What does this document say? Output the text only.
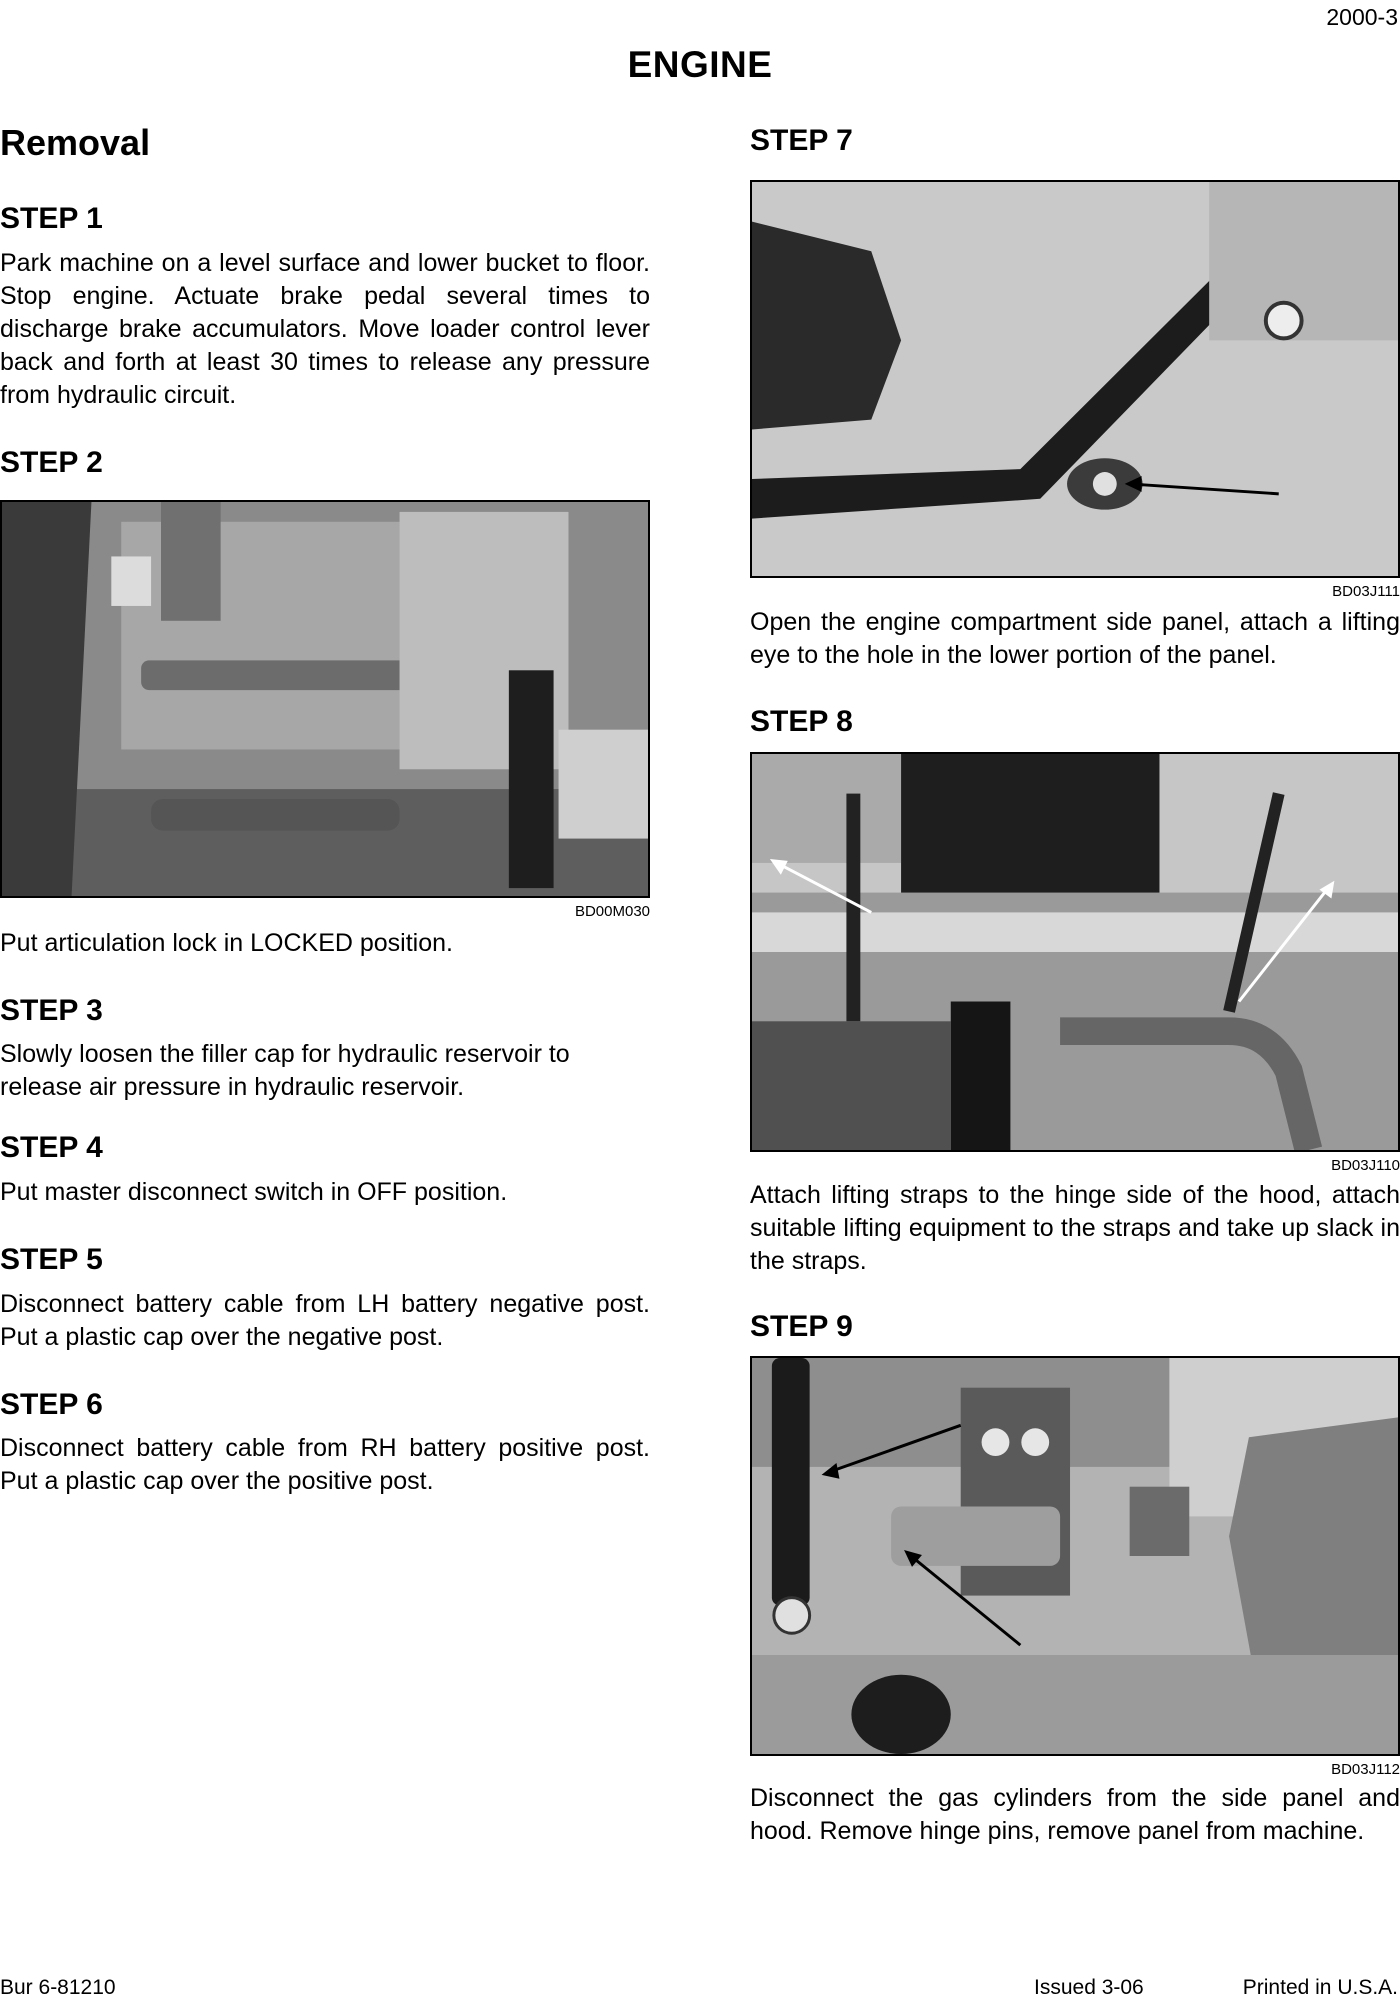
2000-3
ENGINE
Removal
STEP 1
Park machine on a level surface and lower bucket to floor. Stop engine. Actuate brake pedal several times to discharge brake accumulators. Move loader control lever back and forth at least 30 times to release any pressure from hydraulic circuit.
STEP 2
BD00M030
Put articulation lock in LOCKED position.
STEP 3
Slowly loosen the filler cap for hydraulic reservoir to release air pressure in hydraulic reservoir.
STEP 4
Put master disconnect switch in OFF position.
STEP 5
Disconnect battery cable from LH battery negative post. Put a plastic cap over the negative post.
STEP 6
Disconnect battery cable from RH battery positive post. Put a plastic cap over the positive post.
STEP 7
BD03J111
Open the engine compartment side panel, attach a lifting eye to the hole in the lower portion of the panel.
STEP 8
BD03J110
Attach lifting straps to the hinge side of the hood, attach suitable lifting equipment to the straps and take up slack in the straps.
STEP 9
BD03J112
Disconnect the gas cylinders from the side panel and hood. Remove hinge pins, remove panel from machine.
Bur 6-81210	Issued 3-06	Printed in U.S.A.
